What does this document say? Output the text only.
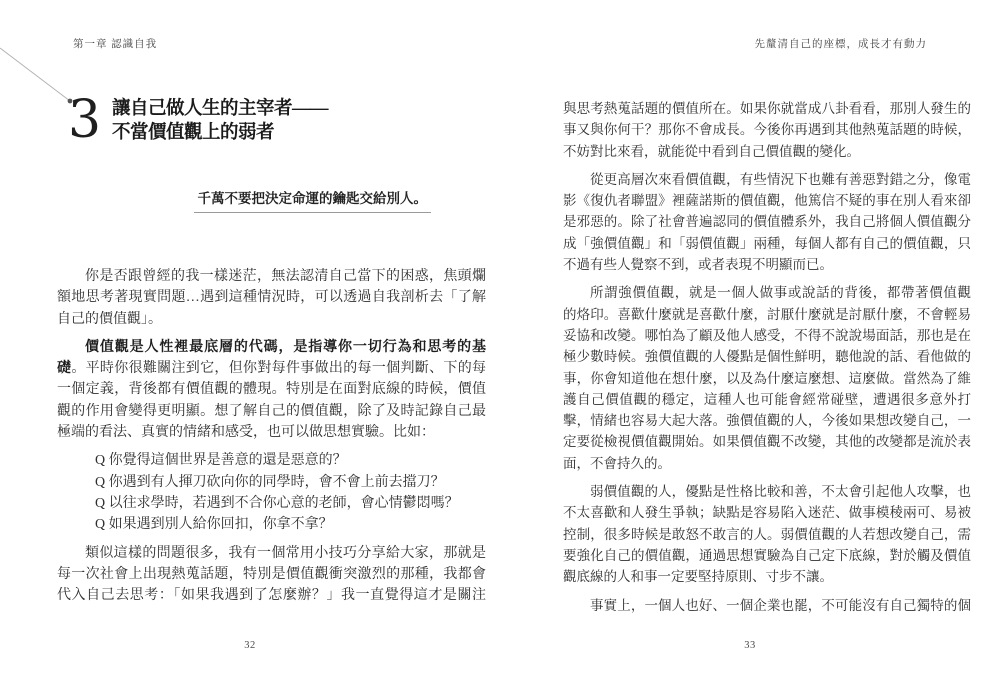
第一章 認識自我	先釐清自己的座標，成長才有動力
3 讓自己做人生的主宰者——
不當價值觀上的弱者
千萬不要把決定命運的鑰匙交給別人。
你是否跟曾經的我一樣迷茫，無法認清自己當下的困惑，焦頭爛
額地思考著現實問題…遇到這種情況時，可以透過自我剖析去「了解
自己的價值觀」。
價值觀是人性裡最底層的代碼，是指導你一切行為和思考的基
礎。平時你很難關注到它，但你對每件事做出的每一個判斷、下的每
一個定義，背後都有價值觀的體現。特別是在面對底線的時候，價值
觀的作用會變得更明顯。想了解自己的價值觀，除了及時記錄自己最
極端的看法、真實的情緒和感受，也可以做思想實驗。比如：
Q 你覺得這個世界是善意的還是惡意的？
Q 你遇到有人揮刀砍向你的同學時，會不會上前去擋刀？
Q 以往求學時，若遇到不合你心意的老師，會心情鬱悶嗎？
Q 如果遇到別人給你回扣，你拿不拿？
類似這樣的問題很多，我有一個常用小技巧分享給大家，那就是
每一次社會上出現熱蒐話題，特別是價值觀衝突激烈的那種，我都會
代入自己去思考：「如果我遇到了怎麼辦？」我一直覺得這才是關注
與思考熱蒐話題的價值所在。如果你就當成八卦看看，那別人發生的
事又與你何干？那你不會成長。今後你再遇到其他熱蒐話題的時候，
不妨對比來看，就能從中看到自己價值觀的變化。
從更高層次來看價值觀，有些情況下也難有善惡對錯之分，像電
影《復仇者聯盟》裡薩諾斯的價值觀，他篤信不疑的事在別人看來卻
是邪惡的。除了社會普遍認同的價值體系外，我自己將個人價值觀分
成「強價值觀」和「弱價值觀」兩種，每個人都有自己的價值觀，只
不過有些人覺察不到，或者表現不明顯而已。
所謂強價值觀，就是一個人做事或說話的背後，都帶著價值觀
的烙印。喜歡什麼就是喜歡什麼，討厭什麼就是討厭什麼，不會輕易
妥協和改變。哪怕為了顧及他人感受，不得不說說場面話，那也是在
極少數時候。強價值觀的人優點是個性鮮明，聽他說的話、看他做的
事，你會知道他在想什麼，以及為什麼這麼想、這麼做。當然為了維
護自己價值觀的穩定，這種人也可能會經常碰壁，遭遇很多意外打
擊，情緒也容易大起大落。強價值觀的人，今後如果想改變自己，一
定要從檢視價值觀開始。如果價值觀不改變，其他的改變都是流於表
面，不會持久的。
弱價值觀的人，優點是性格比較和善，不太會引起他人攻擊，也
不太喜歡和人發生爭執；缺點是容易陷入迷茫、做事模稜兩可、易被
控制，很多時候是敢怒不敢言的人。弱價值觀的人若想改變自己，需
要強化自己的價值觀，通過思想實驗為自己定下底線，對於觸及價值
觀底線的人和事一定要堅持原則、寸步不讓。
事實上，一個人也好、一個企業也罷，不可能沒有自己獨特的個
32	33
